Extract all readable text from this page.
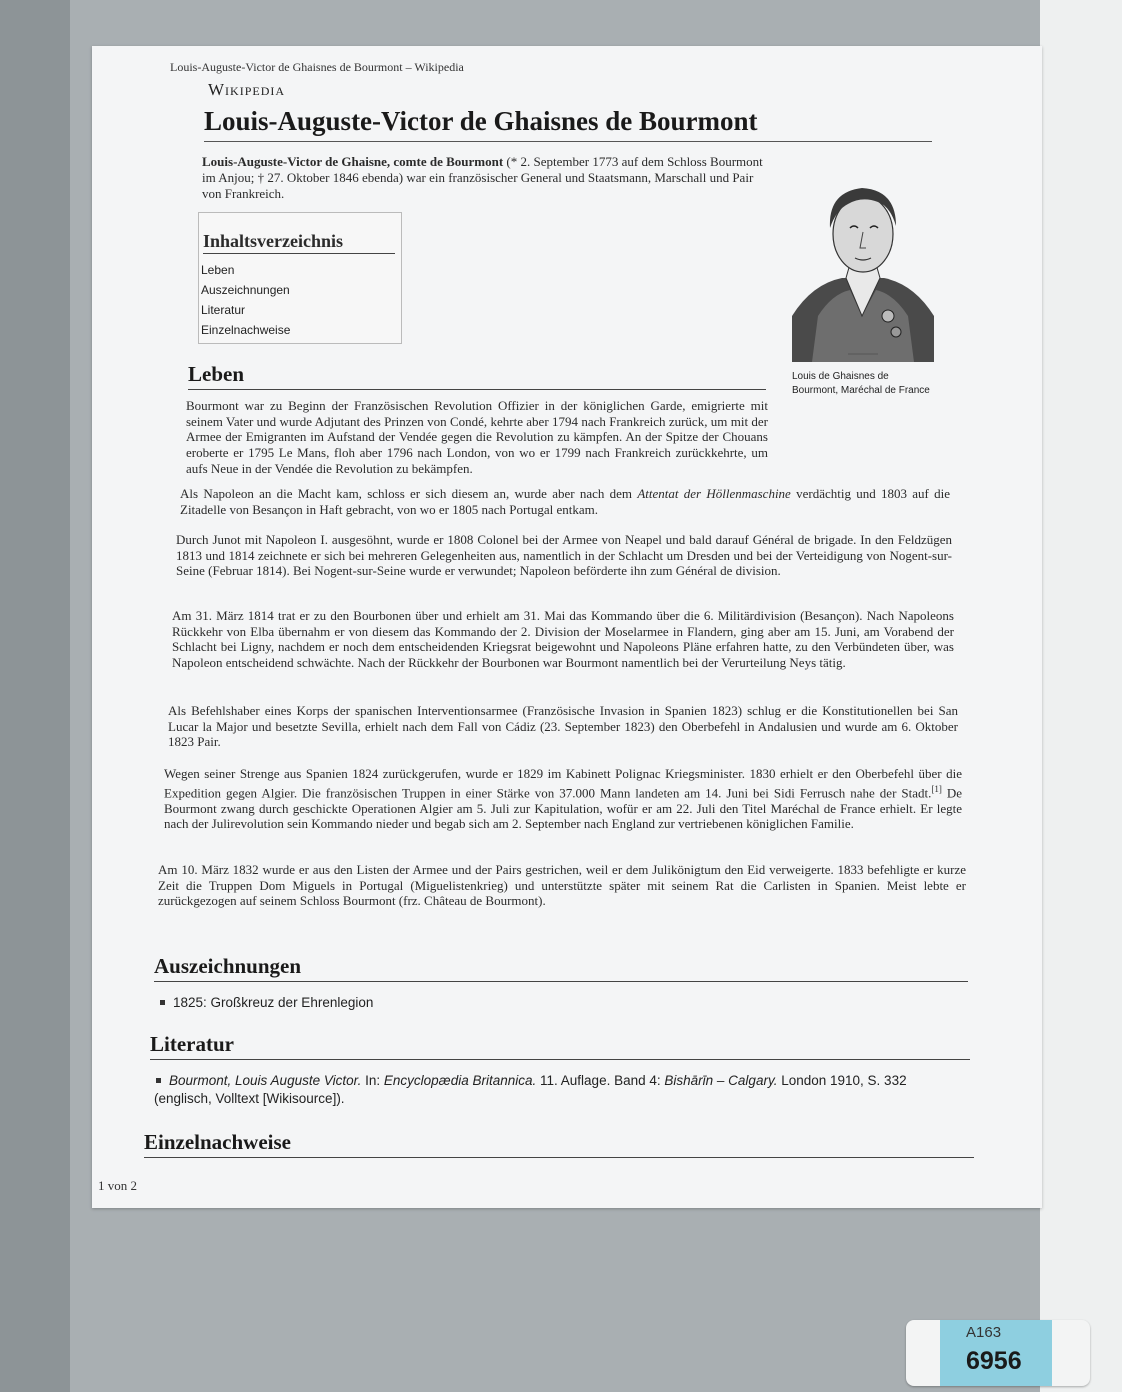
Louis-Auguste-Victor de Ghaisnes de Bourmont – Wikipedia
Wikipedia
Louis-Auguste-Victor de Ghaisnes de Bourmont
Louis-Auguste-Victor de Ghaisne, comte de Bourmont (* 2. September 1773 auf dem Schloss Bourmont im Anjou; † 27. Oktober 1846 ebenda) war ein französischer General und Staatsmann, Marschall und Pair von Frankreich.
Inhaltsverzeichnis
Leben
Auszeichnungen
Literatur
Einzelnachweise
Louis de Ghaisnes de Bourmont, Maréchal de France
Leben
Bourmont war zu Beginn der Französischen Revolution Offizier in der königlichen Garde, emigrierte mit seinem Vater und wurde Adjutant des Prinzen von Condé, kehrte aber 1794 nach Frankreich zurück, um mit der Armee der Emigranten im Aufstand der Vendée gegen die Revolution zu kämpfen. An der Spitze der Chouans eroberte er 1795 Le Mans, floh aber 1796 nach London, von wo er 1799 nach Frankreich zurückkehrte, um aufs Neue in der Vendée die Revolution zu bekämpfen.
Als Napoleon an die Macht kam, schloss er sich diesem an, wurde aber nach dem Attentat der Höllenmaschine verdächtig und 1803 auf die Zitadelle von Besançon in Haft gebracht, von wo er 1805 nach Portugal entkam.
Durch Junot mit Napoleon I. ausgesöhnt, wurde er 1808 Colonel bei der Armee von Neapel und bald darauf Général de brigade. In den Feldzügen 1813 und 1814 zeichnete er sich bei mehreren Gelegenheiten aus, namentlich in der Schlacht um Dresden und bei der Verteidigung von Nogent-sur-Seine (Februar 1814). Bei Nogent-sur-Seine wurde er verwundet; Napoleon beförderte ihn zum Général de division.
Am 31. März 1814 trat er zu den Bourbonen über und erhielt am 31. Mai das Kommando über die 6. Militärdivision (Besançon). Nach Napoleons Rückkehr von Elba übernahm er von diesem das Kommando der 2. Division der Moselarmee in Flandern, ging aber am 15. Juni, am Vorabend der Schlacht bei Ligny, nachdem er noch dem entscheidenden Kriegsrat beigewohnt und Napoleons Pläne erfahren hatte, zu den Verbündeten über, was Napoleon entscheidend schwächte. Nach der Rückkehr der Bourbonen war Bourmont namentlich bei der Verurteilung Neys tätig.
Als Befehlshaber eines Korps der spanischen Interventionsarmee (Französische Invasion in Spanien 1823) schlug er die Konstitutionellen bei San Lucar la Major und besetzte Sevilla, erhielt nach dem Fall von Cádiz (23. September 1823) den Oberbefehl in Andalusien und wurde am 6. Oktober 1823 Pair.
Wegen seiner Strenge aus Spanien 1824 zurückgerufen, wurde er 1829 im Kabinett Polignac Kriegsminister. 1830 erhielt er den Oberbefehl über die Expedition gegen Algier. Die französischen Truppen in einer Stärke von 37.000 Mann landeten am 14. Juni bei Sidi Ferrusch nahe der Stadt.[1] De Bourmont zwang durch geschickte Operationen Algier am 5. Juli zur Kapitulation, wofür er am 22. Juli den Titel Maréchal de France erhielt. Er legte nach der Julirevolution sein Kommando nieder und begab sich am 2. September nach England zur vertriebenen königlichen Familie.
Am 10. März 1832 wurde er aus den Listen der Armee und der Pairs gestrichen, weil er dem Julikönigtum den Eid verweigerte. 1833 befehligte er kurze Zeit die Truppen Dom Miguels in Portugal (Miguelistenkrieg) und unterstützte später mit seinem Rat die Carlisten in Spanien. Meist lebte er zurückgezogen auf seinem Schloss Bourmont (frz. Château de Bourmont).
Auszeichnungen
1825: Großkreuz der Ehrenlegion
Literatur
Bourmont, Louis Auguste Victor. In: Encyclopædia Britannica. 11. Auflage. Band 4: Bishārīn – Calgary. London 1910, S. 332 (englisch, Volltext [Wikisource]).
Einzelnachweise
1 von 2
A163
6956
